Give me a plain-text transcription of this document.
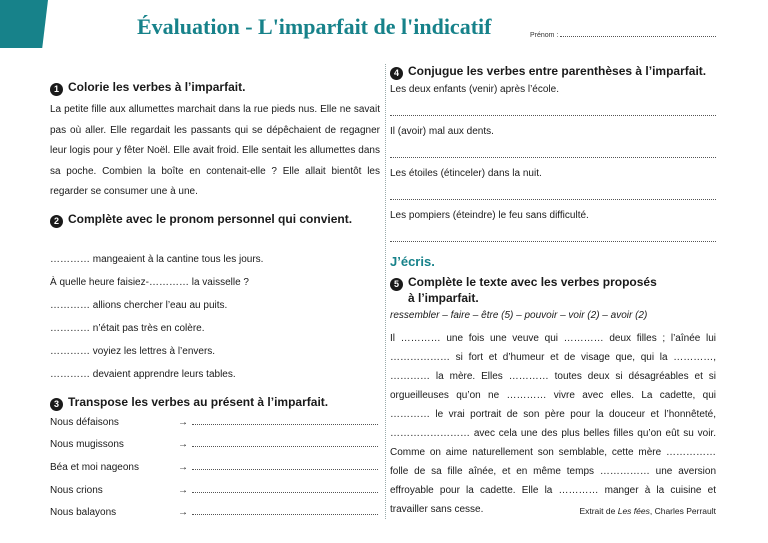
Évaluation - L'imparfait de l'indicatif	Prénom :
1 Colorie les verbes à l’imparfait.
La petite fille aux allumettes marchait dans la rue pieds nus. Elle ne savait pas où aller. Elle regardait les passants qui se dépêchaient de regagner leur logis pour y fêter Noël. Elle avait froid. Elle sentait les allumettes dans sa poche. Combien la boîte en contenait-elle ? Elle allait bientôt les regarder se consumer une à une.
2 Complète avec le pronom personnel qui convient.
………… mangeaient à la cantine tous les jours.
À quelle heure faisiez-………… la vaisselle ?
………… allions chercher l’eau au puits.
………… n’était pas très en colère.
………… voyiez les lettres à l’envers.
………… devaient apprendre leurs tables.
3 Transpose les verbes au présent à l’imparfait.
Nous défaisons	→
Nous mugissons	→
Béa et moi nageons	→
Nous crions	→
Nous balayons	→
4 Conjugue les verbes entre parenthèses à l’imparfait.
Les deux enfants (venir) après l’école.
Il (avoir) mal aux dents.
Les étoiles (étinceler) dans la nuit.
Les pompiers (éteindre) le feu sans difficulté.
J’écris.
5 Complète le texte avec les verbes proposés
à l’imparfait.
ressembler – faire – être (5) – pouvoir – voir (2) – avoir (2)
Il ………… une fois une veuve qui ………… deux filles ; l’aînée lui ……………… si fort et d’humeur et de visage que, qui la …………, ………… la mère. Elles ………… toutes deux si désagréables et si orgueilleuses qu’on ne ………… vivre avec elles. La cadette, qui ………… le vrai portrait de son père pour la douceur et l’honnêteté, …………………… avec cela une des plus belles filles qu’on eût su voir. Comme on aime naturellement son semblable, cette mère …………… folle de sa fille aînée, et en même temps …………… une aversion effroyable pour la cadette. Elle la ………… manger à la cuisine et travailler sans cesse.	Extrait de Les fées, Charles Perrault
